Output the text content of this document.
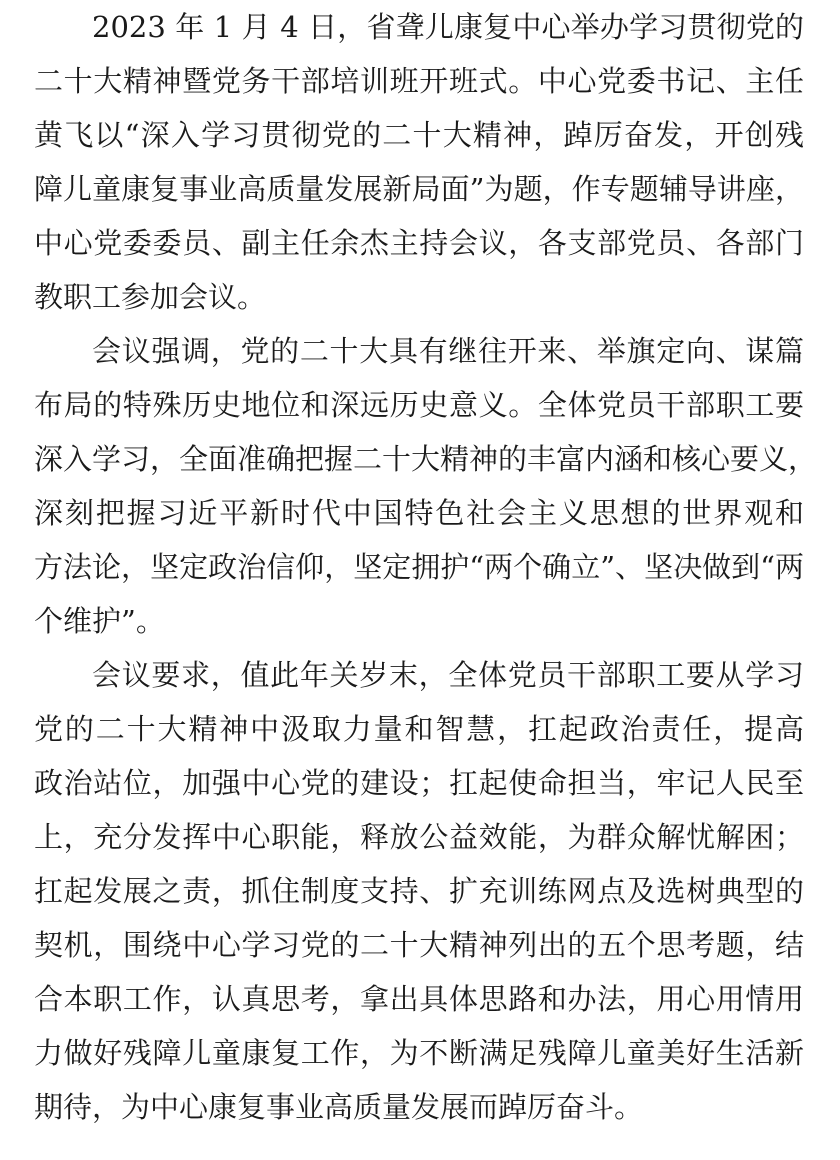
2023 年 1 月 4 日，省聋儿康复中心举办学习贯彻党的
二十大精神暨党务干部培训班开班式。中心党委书记、主任
黄飞以“深入学习贯彻党的二十大精神，踔厉奋发，开创残
障儿童康复事业高质量发展新局面”为题，作专题辅导讲座，
中心党委委员、副主任余杰主持会议，各支部党员、各部门
教职工参加会议。
会议强调，党的二十大具有继往开来、举旗定向、谋篇
布局的特殊历史地位和深远历史意义。全体党员干部职工要
深入学习，全面准确把握二十大精神的丰富内涵和核心要义，
深刻把握习近平新时代中国特色社会主义思想的世界观和
方法论，坚定政治信仰，坚定拥护“两个确立”、坚决做到“两
个维护”。
会议要求，值此年关岁末，全体党员干部职工要从学习
党的二十大精神中汲取力量和智慧，扛起政治责任，提高
政治站位，加强中心党的建设；扛起使命担当，牢记人民至
上，充分发挥中心职能，释放公益效能，为群众解忧解困；
扛起发展之责，抓住制度支持、扩充训练网点及选树典型的
契机，围绕中心学习党的二十大精神列出的五个思考题，结
合本职工作，认真思考，拿出具体思路和办法，用心用情用
力做好残障儿童康复工作，为不断满足残障儿童美好生活新
期待，为中心康复事业高质量发展而踔厉奋斗。
